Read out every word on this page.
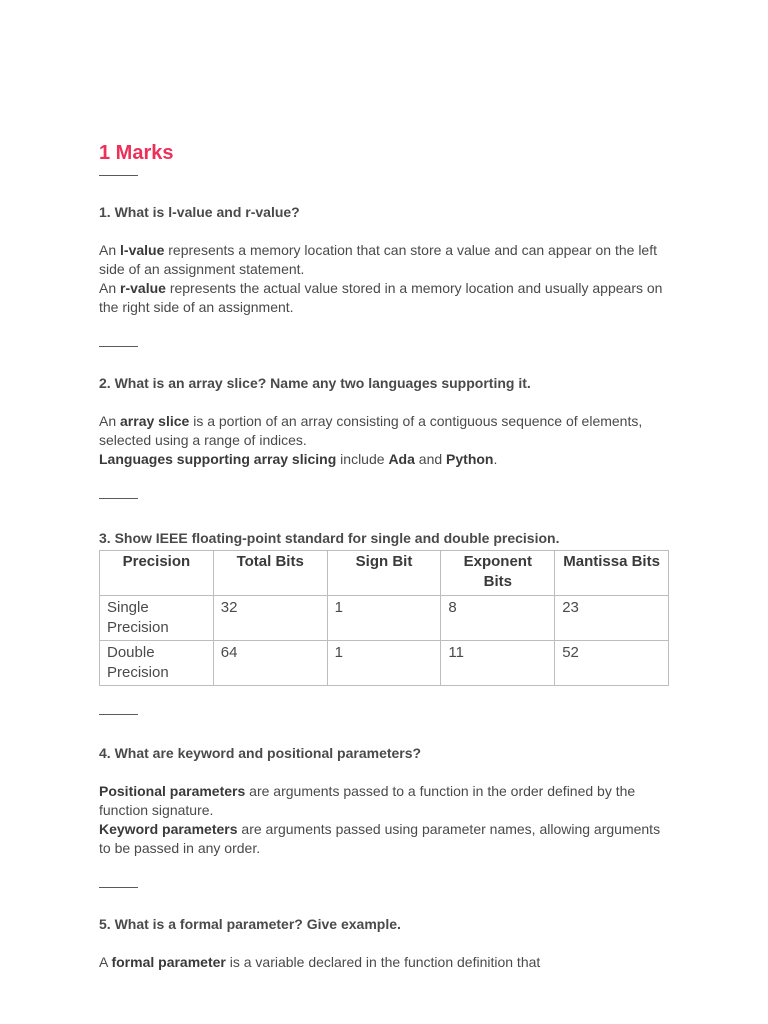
1 Marks

1. What is l-value and r-value?

An l-value represents a memory location that can store a value and can appear on the left side of an assignment statement.

An r-value represents the actual value stored in a memory location and usually appears on the right side of an assignment.

2. What is an array slice? Name any two languages supporting it.

An array slice is a portion of an array consisting of a contiguous sequence of elements, selected using a range of indices.

Languages supporting array slicing include Ada and Python.

3. Show IEEE floating-point standard for single and double precision.

Precision	Total Bits	Sign Bit	Exponent Bits	Mantissa Bits
Single Precision	32	1	8	23
Double Precision	64	1	11	52

4. What are keyword and positional parameters?

Positional parameters are arguments passed to a function in the order defined by the function signature.

Keyword parameters are arguments passed using parameter names, allowing arguments to be passed in any order.

5. What is a formal parameter? Give example.

A formal parameter is a variable declared in the function definition that
